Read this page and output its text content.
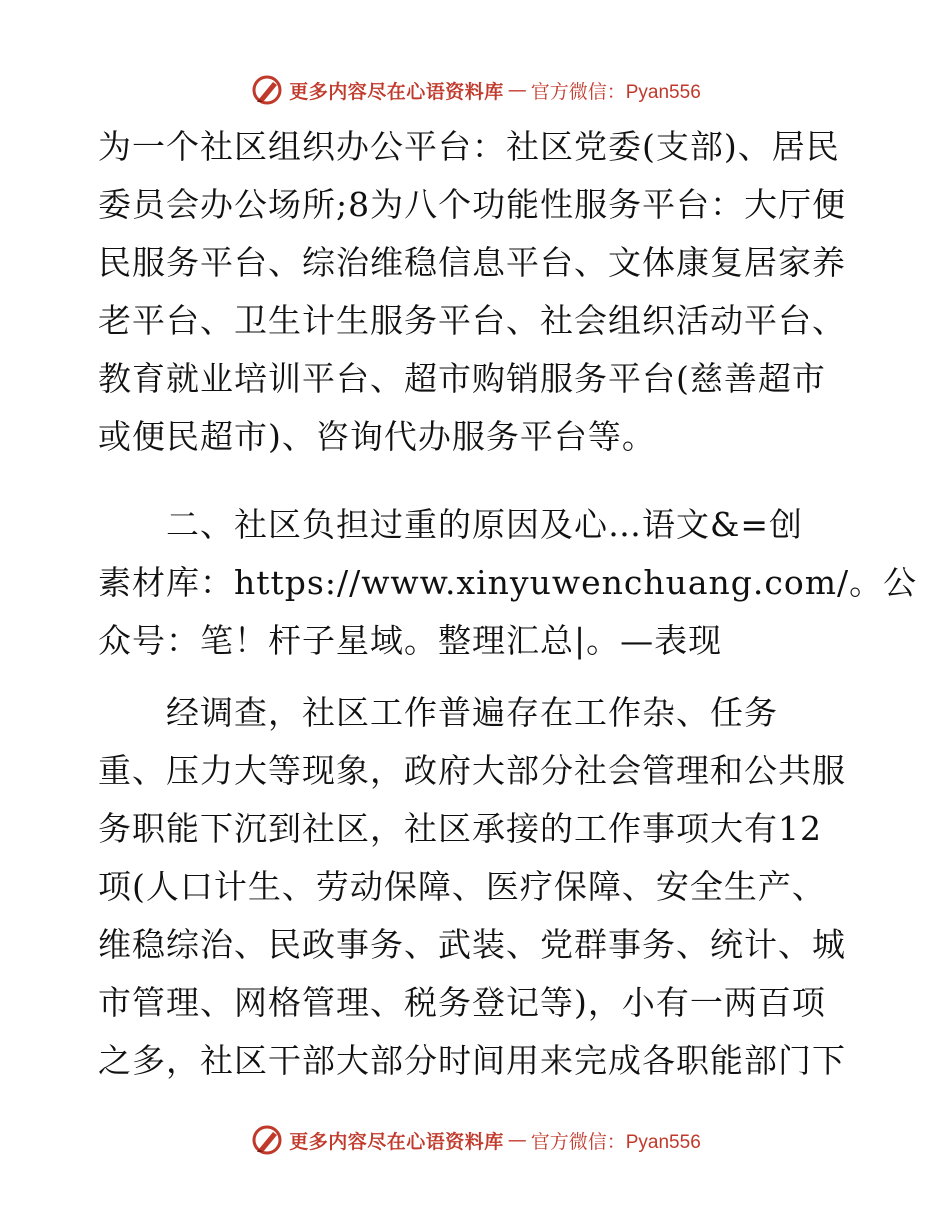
更多内容尽在心语资料库 — 官方微信：Pyan556
为一个社区组织办公平台：社区党委(支部)、居民
委员会办公场所;8为八个功能性服务平台：大厅便
民服务平台、综治维稳信息平台、文体康复居家养
老平台、卫生计生服务平台、社会组织活动平台、
教育就业培训平台、超市购销服务平台(慈善超市
或便民超市)、咨询代办服务平台等。
　　二、社区负担过重的原因及心…语文&=创
素材库：https://www.xinyuwenchuang.com/。公
众号：笔！杆子星域。整理汇总|。—表现
　　经调查，社区工作普遍存在工作杂、任务
重、压力大等现象，政府大部分社会管理和公共服
务职能下沉到社区，社区承接的工作事项大有12
项(人口计生、劳动保障、医疗保障、安全生产、
维稳综治、民政事务、武装、党群事务、统计、城
市管理、网格管理、税务登记等)，小有一两百项
之多，社区干部大部分时间用来完成各职能部门下
更多内容尽在心语资料库 — 官方微信：Pyan556
